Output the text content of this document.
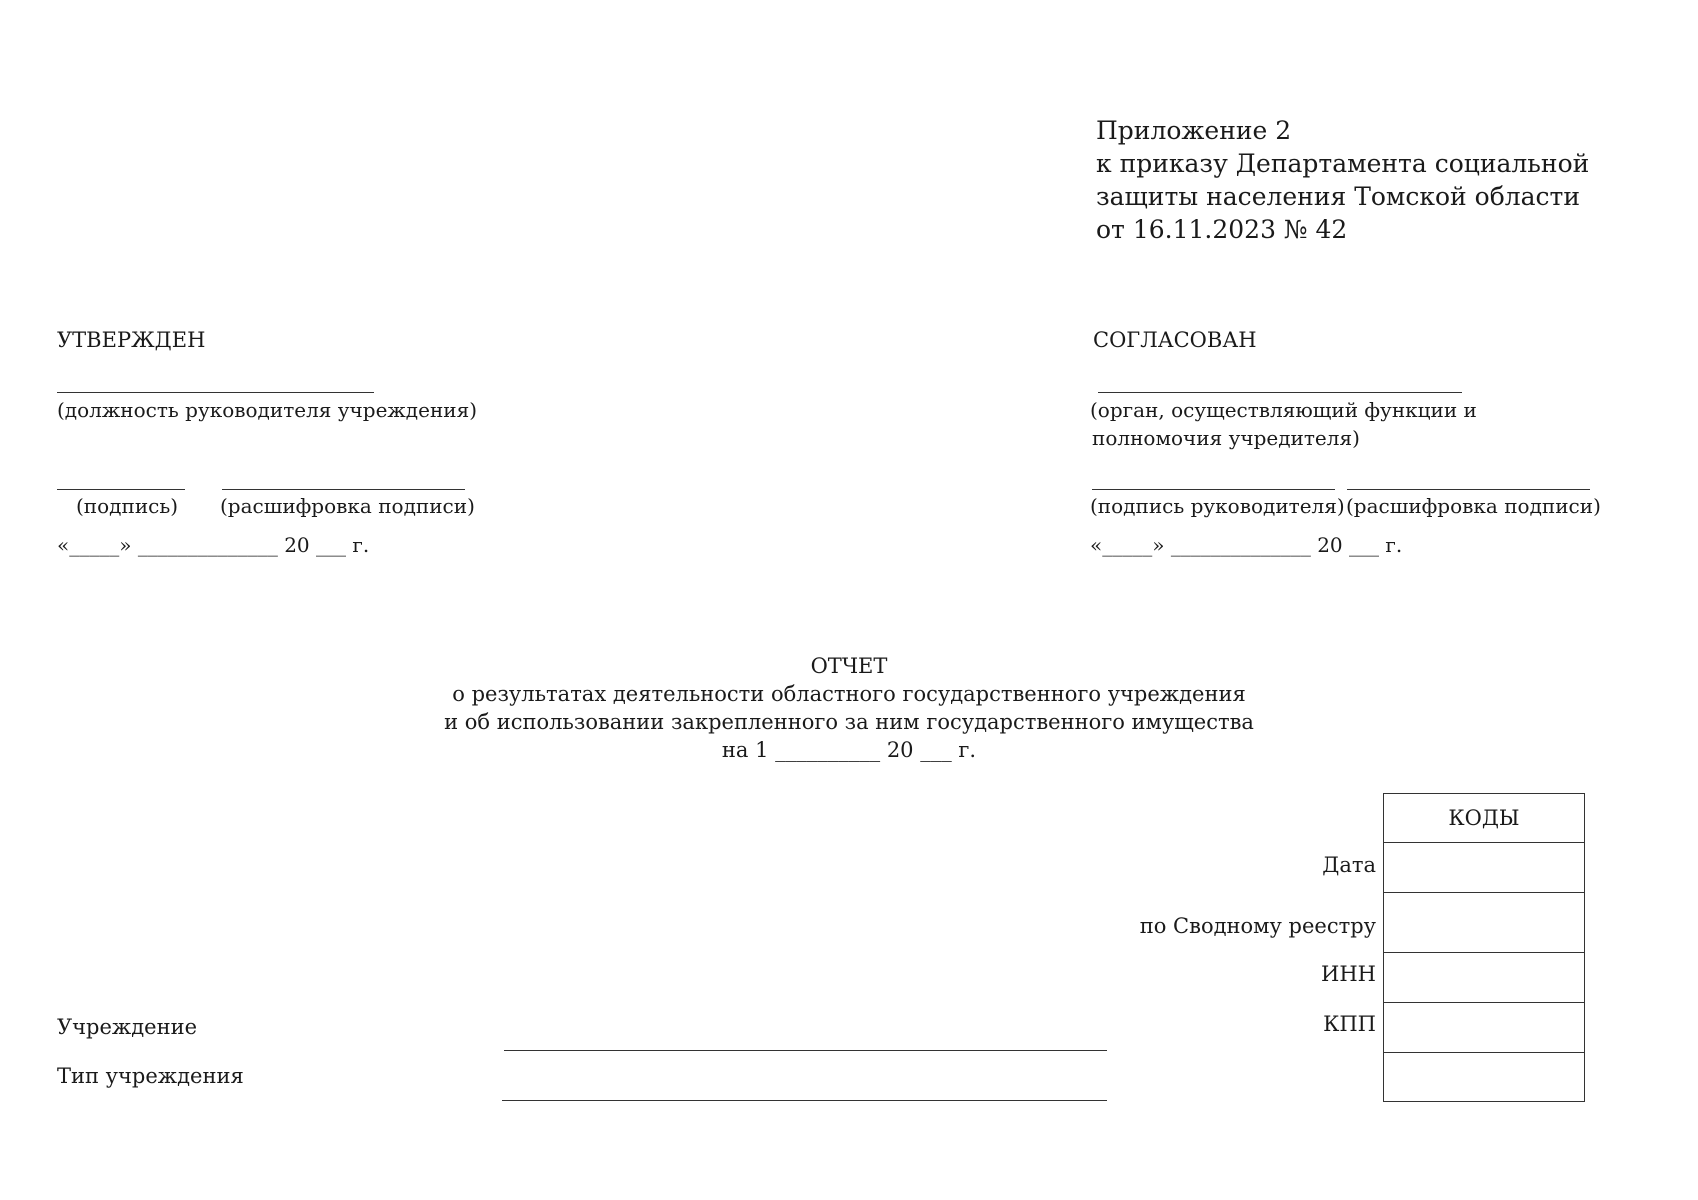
Приложение 2
к приказу Департамента социальной
защиты населения Томской области
от 16.11.2023 № 42
УТВЕРЖДЕН
(должность руководителя учреждения)
(подпись) (расшифровка подписи)
«_____» ______________ 20 ___ г.
СОГЛАСОВАН
(орган, осуществляющий функции и
полномочия учредителя)
(подпись руководителя) (расшифровка подписи)
«_____» ______________ 20 ___ г.
ОТЧЕТ
о результатах деятельности областного государственного учреждения
и об использовании закрепленного за ним государственного имущества
на 1 __________ 20 ___ г.
КОДЫ

Дата
по Сводному реестру
ИНН
КПП
Учреждение
Тип учреждения
